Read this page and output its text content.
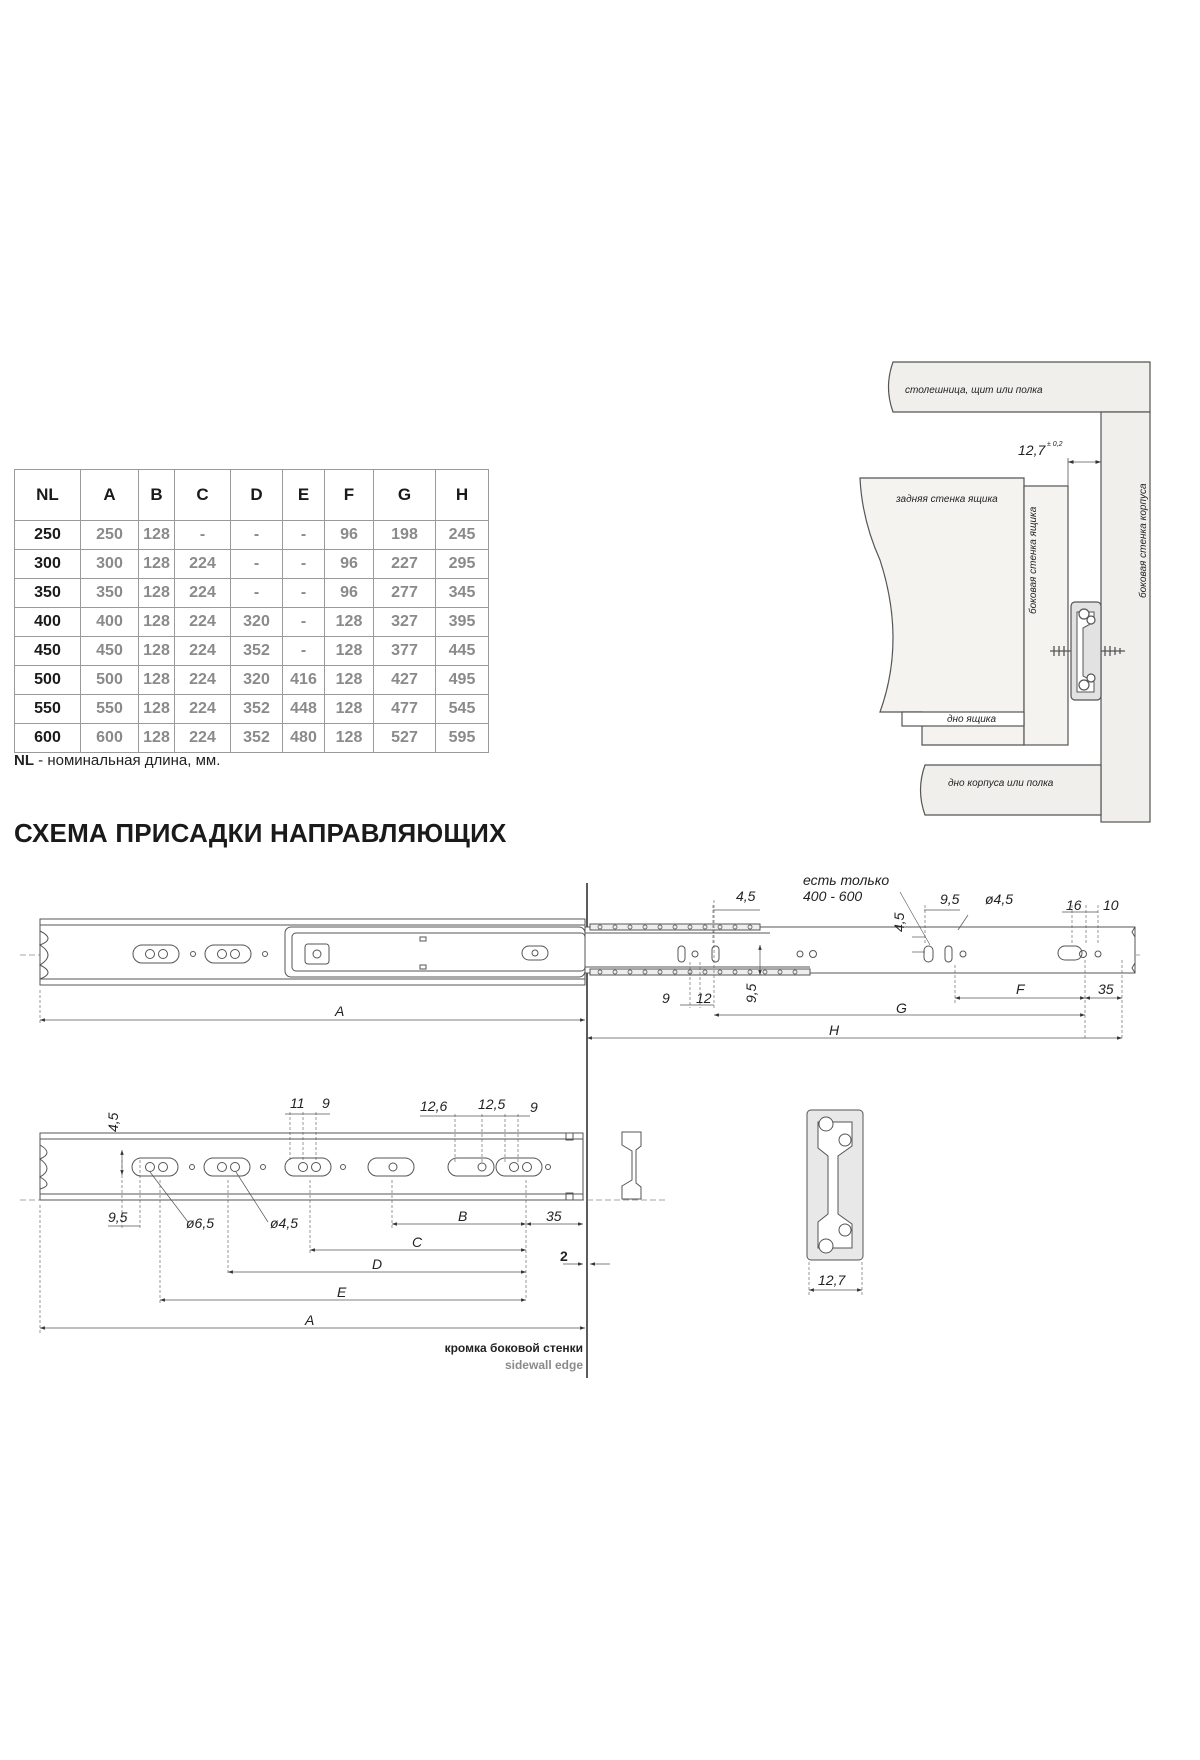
NL	A	B	C	D	E	F	G	H
250	250	128	-	-	-	96	198	245
300	300	128	224	-	-	96	227	295
350	350	128	224	-	-	96	277	345
400	400	128	224	320	-	128	327	395
450	450	128	224	352	-	128	377	445
500	500	128	224	320	416	128	427	495
550	550	128	224	352	448	128	477	545
600	600	128	224	352	480	128	527	595
NL - номинальная длина, мм.
СХЕМА ПРИСАДКИ НАПРАВЛЯЮЩИХ
столешница, щит или полка
дно корпуса или полка
задняя стенка ящика
дно ящика
боковая стенка ящика	боковая стенка корпуса
12,7 ± 0,2
есть только
400 - 600
4,5	9,5 ø4,5	16 10
4,5
9 12 9,5
A	G
F	35
H
4,5
11 9	12,6 12,5 9
9,5	ø6,5	ø4,5	B	35
C
D
E
A
2
кромка боковой стенки
sidewall edge
12,7
